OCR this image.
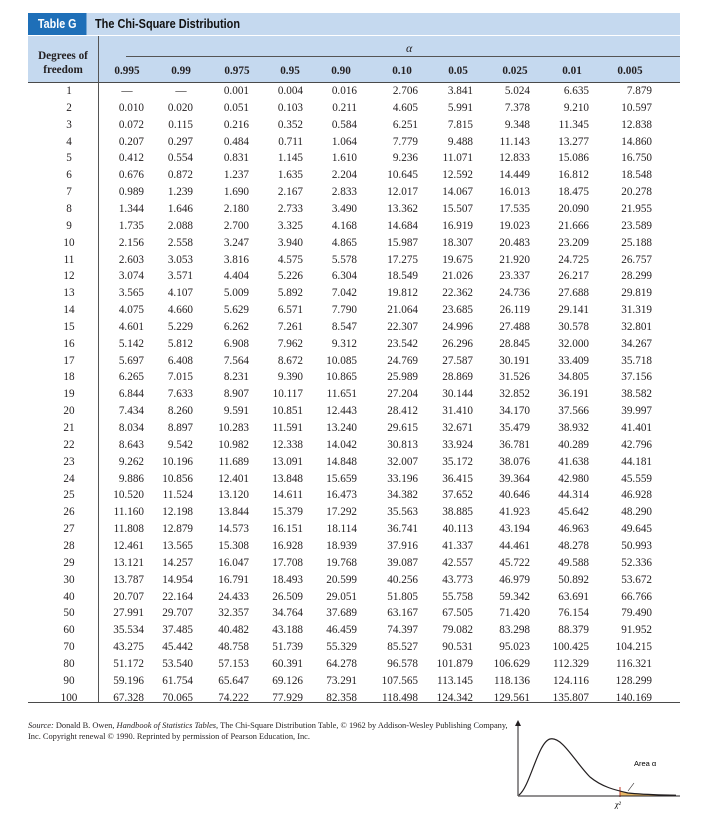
Table G	The Chi-Square Distribution
Degrees of freedom
α
0.995	0.99	0.975	0.95	0.90	0.10	0.05	0.025	0.01	0.005
1	—	—	0.001	0.004	0.016	2.706	3.841	5.024	6.635	7.879
2	0.010	0.020	0.051	0.103	0.211	4.605	5.991	7.378	9.210	10.597
3	0.072	0.115	0.216	0.352	0.584	6.251	7.815	9.348	11.345	12.838
4	0.207	0.297	0.484	0.711	1.064	7.779	9.488	11.143	13.277	14.860
5	0.412	0.554	0.831	1.145	1.610	9.236	11.071	12.833	15.086	16.750
6	0.676	0.872	1.237	1.635	2.204	10.645	12.592	14.449	16.812	18.548
7	0.989	1.239	1.690	2.167	2.833	12.017	14.067	16.013	18.475	20.278
8	1.344	1.646	2.180	2.733	3.490	13.362	15.507	17.535	20.090	21.955
9	1.735	2.088	2.700	3.325	4.168	14.684	16.919	19.023	21.666	23.589
10	2.156	2.558	3.247	3.940	4.865	15.987	18.307	20.483	23.209	25.188
11	2.603	3.053	3.816	4.575	5.578	17.275	19.675	21.920	24.725	26.757
12	3.074	3.571	4.404	5.226	6.304	18.549	21.026	23.337	26.217	28.299
13	3.565	4.107	5.009	5.892	7.042	19.812	22.362	24.736	27.688	29.819
14	4.075	4.660	5.629	6.571	7.790	21.064	23.685	26.119	29.141	31.319
15	4.601	5.229	6.262	7.261	8.547	22.307	24.996	27.488	30.578	32.801
16	5.142	5.812	6.908	7.962	9.312	23.542	26.296	28.845	32.000	34.267
17	5.697	6.408	7.564	8.672	10.085	24.769	27.587	30.191	33.409	35.718
18	6.265	7.015	8.231	9.390	10.865	25.989	28.869	31.526	34.805	37.156
19	6.844	7.633	8.907	10.117	11.651	27.204	30.144	32.852	36.191	38.582
20	7.434	8.260	9.591	10.851	12.443	28.412	31.410	34.170	37.566	39.997
21	8.034	8.897	10.283	11.591	13.240	29.615	32.671	35.479	38.932	41.401
22	8.643	9.542	10.982	12.338	14.042	30.813	33.924	36.781	40.289	42.796
23	9.262	10.196	11.689	13.091	14.848	32.007	35.172	38.076	41.638	44.181
24	9.886	10.856	12.401	13.848	15.659	33.196	36.415	39.364	42.980	45.559
25	10.520	11.524	13.120	14.611	16.473	34.382	37.652	40.646	44.314	46.928
26	11.160	12.198	13.844	15.379	17.292	35.563	38.885	41.923	45.642	48.290
27	11.808	12.879	14.573	16.151	18.114	36.741	40.113	43.194	46.963	49.645
28	12.461	13.565	15.308	16.928	18.939	37.916	41.337	44.461	48.278	50.993
29	13.121	14.257	16.047	17.708	19.768	39.087	42.557	45.722	49.588	52.336
30	13.787	14.954	16.791	18.493	20.599	40.256	43.773	46.979	50.892	53.672
40	20.707	22.164	24.433	26.509	29.051	51.805	55.758	59.342	63.691	66.766
50	27.991	29.707	32.357	34.764	37.689	63.167	67.505	71.420	76.154	79.490
60	35.534	37.485	40.482	43.188	46.459	74.397	79.082	83.298	88.379	91.952
70	43.275	45.442	48.758	51.739	55.329	85.527	90.531	95.023	100.425	104.215
80	51.172	53.540	57.153	60.391	64.278	96.578	101.879	106.629	112.329	116.321
90	59.196	61.754	65.647	69.126	73.291	107.565	113.145	118.136	124.116	128.299
100	67.328	70.065	74.222	77.929	82.358	118.498	124.342	129.561	135.807	140.169
Source: Donald B. Owen, Handbook of Statistics Tables, The Chi-Square Distribution Table, © 1962 by Addison-Wesley Publishing Company, Inc. Copyright renewal © 1990. Reprinted by permission of Pearson Education, Inc.
Area α
χ²
